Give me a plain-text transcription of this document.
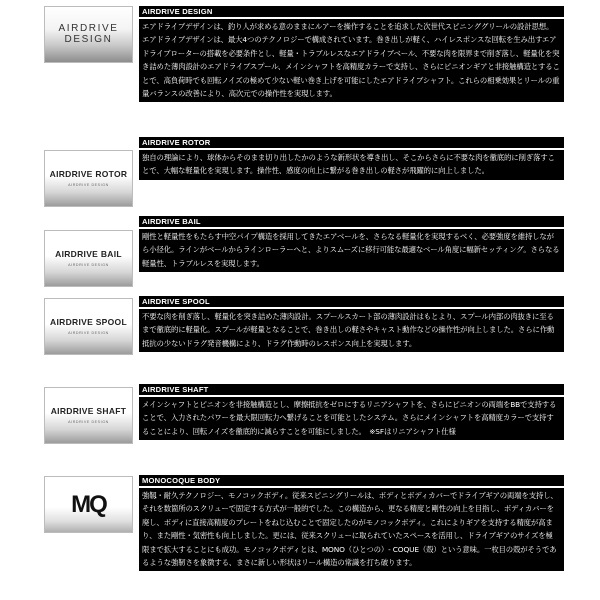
AIRDRIVE DESIGN
AIRDRIVE DESIGN
エアドライブデザインは、釣り人が求める意のままにルアーを操作することを追求した次世代スピニンググリールの設計思想。エアドライブデザインは、最大4つのテクノロジーで構成されています。巻き出しが軽く、ハイレスポンスな回転を生み出すエアドライブローターの搭載を必要条件とし、軽量・トラブルレスなエアドライブベール、不要な肉を限界まで削ぎ落し、軽量化を突き詰めた薄肉設計のエアドライブスプール、メインシャフトを高精度カラーで支持し、さらにピニオンギアと非接触構造とすることで、高負荷時でも回転ノイズの極めて少ない軽い巻き上げを可能にしたエアドライブシャフト。これらの相乗効果とリールの重量バランスの改善により、高次元での操作性を実現します。
AIRDRIVE ROTOR
AIRDRIVE DESIGN
AIRDRIVE ROTOR
独自の理論により、球体からそのまま切り出したかのような新形状を導き出し、そこからさらに不要な肉を徹底的に削ぎ落すことで、大幅な軽量化を実現します。操作性、感度の向上に繋がる巻き出しの軽さが飛躍的に向上しました。
AIRDRIVE BAIL
AIRDRIVE DESIGN
AIRDRIVE BAIL
剛性と軽量性をもたらす中空パイプ構造を採用してきたエアベールを、さらなる軽量化を実現するべく、必要強度を維持しながら小径化。ラインがベールからラインローラーへと、よりスムーズに移行可能な最適なベール角度に幅新セッティング。さらなる軽量性、トラブルレスを実現します。
AIRDRIVE SPOOL
AIRDRIVE DESIGN
AIRDRIVE SPOOL
不要な肉を削ぎ落し、軽量化を突き詰めた薄肉設計。スプールスカート部の薄肉設計はもとより、スプール内部の肉抜きに至るまで徹底的に軽量化。スプールが軽量となることで、巻き出しの軽さやキャスト動作などの操作性が向上しました。さらに作動抵抗の少ないドラグ発音機構により、ドラグ作動時のレスポンス向上を実現します。
AIRDRIVE SHAFT
AIRDRIVE DESIGN
AIRDRIVE SHAFT
メインシャフトとピニオンを非接触構造とし、摩擦抵抗をゼロにするリニアシャフトを、さらにピニオンの両端をBBで支持することで、入力されたパワーを最大限回転力へ繋げることを可能としたシステム。さらにメインシャフトを高精度カラーで支持することにより、回転ノイズを徹底的に減らすことを可能にしました。　※SFはリニアシャフト仕様
MQ
MONOCOQUE BODY
強靱・耐久テクノロジー、モノコックボディ。従来スピニングリールは、ボディとボディカバーでドライブギアの両端を支持し、それを数箇所のスクリューで固定する方式が一般的でした。この構造から、更なる精度と剛性の向上を目指し、ボディカバーを廃し、ボディに直接高精度のプレートをねじ込むことで固定したのがモノコックボディ。これによりギアを支持する精度が高まり、また剛性・気密性も向上しました。更には、従来スクリューに取られていたスペースを活用し、ドライブギアのサイズを極限まで拡大することにも成功。モノコックボディとは、MONO（ひとつの）- COQUE（殻）という意味。一枚目の殻がそうであるような強靭さを象徴する、まさに新しい形状はリール構造の常識を打ち破ります。
